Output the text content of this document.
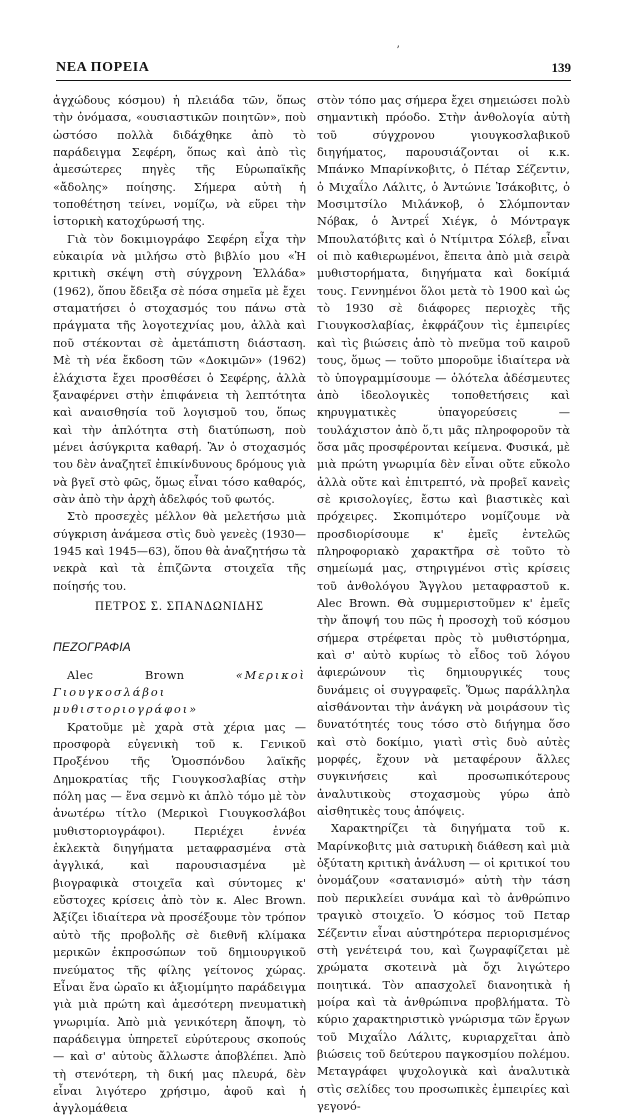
ʼ
ΝΕΑ ΠΟΡΕΙΑ	139

ἀγχώδους κόσμου) ἡ πλειάδα τῶν, ὅπως τὴν ὀνόμασα, «ουσιαστικῶν ποιητῶν», ποὺ ὡστόσο πολλὰ διδάχθηκε ἀπὸ τὸ παράδειγμα Σεφέρη, ὅπως καὶ ἀπὸ τὶς ἀμεσώτερες πηγὲς τῆς Εὐρωπαϊκῆς «ἄδολης» ποίησης. Σήμερα αὐτὴ ἡ τοποθέτηση τείνει, νομίζω, νὰ εὕρει τὴν ἱστορικὴ κατοχύρωσή της.

Γιὰ τὸν δοκιμιογράφο Σεφέρη εἶχα τὴν εὐκαιρία νὰ μιλήσω στὸ βιβλίο μου «Ἡ κριτικὴ σκέψη στὴ σύγχρονη Ἑλλάδα» (1962), ὅπου ἔδειξα σὲ πόσα σημεῖα μὲ ἔχει σταματήσει ὁ στοχασμός του πάνω στὰ πράγματα τῆς λογοτεχνίας μου, ἀλλὰ καὶ ποῦ στέκονται σὲ ἀμετάπιστη διάσταση. Μὲ τὴ νέα ἔκδοση τῶν «Δοκιμῶν» (1962) ἐλάχιστα ἔχει προσθέσει ὁ Σεφέρης, ἀλλὰ ξαναφέρνει στὴν ἐπιφάνεια τὴ λεπτότητα καὶ αναισθησία τοῦ λογισμοῦ του, ὅπως καὶ τὴν ἁπλότητα στὴ διατύπωση, ποὺ μένει ἀσύγκριτα καθαρή. Ἂν ὁ στοχασμός του δὲν ἀναζητεῖ ἐπικίνδυνους δρόμους γιὰ νὰ βγεῖ στὸ φῶς, ὅμως εἶναι τόσο καθαρός, σὰν ἀπὸ τὴν ἀρχὴ ἀδελφός τοῦ φωτός.

Στὸ προσεχὲς μέλλον θὰ μελετήσω μιὰ σύγκριση ἀνάμεσα στὶς δυὸ γενεὲς (1930—1945 καὶ 1945—63), ὅπου θὰ ἀναζητήσω τὰ νεκρὰ καὶ τὰ ἐπιζῶντα στοιχεῖα τῆς ποίησής του.

ΠΕΤΡΟΣ Σ. ΣΠΑΝΔΩΝΙΔΗΣ
ΠΕΖΟΓΡΑΦΙΑ

Alec Brown	«Μερικοὶ Γιουγκοσλάβοι μυθιστοριογράφοι»

Κρατοῦμε μὲ χαρὰ στὰ χέρια μας — προσφορὰ εὐγενικὴ τοῦ κ. Γενικοῦ Προξένου τῆς Ὁμοσπόνδου λαϊκῆς Δημοκρατίας τῆς Γιουγκοσλαβίας στὴν πόλη μας — ἕνα σεμνὸ κι ἁπλὸ τόμο μὲ τὸν ἀνωτέρω τίτλο (Μερικοὶ Γιουγκοσλάβοι μυθιστοριογράφοι). Περιέχει ἐννέα ἐκλεκτὰ διηγήματα μεταφρασμένα στὰ ἀγγλικά, καὶ παρουσιασμένα μὲ βιογραφικὰ στοιχεῖα καὶ σύντομες κ' εὔστοχες κρίσεις ἀπὸ τὸν κ. Alec Brown. Ἀξίζει ἰδιαίτερα νὰ προσέξουμε τὸν τρόπον αὐτὸ τῆς προβολῆς σὲ διεθνῆ κλίμακα μερικῶν ἐκπροσώπων τοῦ δημιουργικοῦ πνεύματος τῆς φίλης γείτονος χώρας. Εἶναι ἕνα ὡραῖο κι ἀξιομίμητο παράδειγμα γιὰ μιὰ πρώτη καὶ ἀμεσότερη πνευματικὴ γνωριμία. Ἀπὸ μιὰ γενικότερη ἄποψη, τὸ παράδειγμα ὑπηρετεῖ εὐρύτερους σκοπούς — καὶ σ' αὐτοὺς ἄλλωστε ἀποβλέπει. Ἀπὸ τὴ στενότερη, τὴ δική μας πλευρά, δὲν εἶναι λιγότερο χρήσιμο, ἀφοῦ καὶ ἡ ἀγγλομάθεια

στὸν τόπο μας σήμερα ἔχει σημειώσει πολὺ σημαντικὴ πρόοδο. Στὴν ἀνθολογία αὐτὴ τοῦ σύγχρονου γιουγκοσλαβικοῦ διηγήματος, παρουσιάζονται οἱ κ.κ. Μπάνκο Μπαρίνκοβιτς, ὁ Πέταρ Σέζεντιν, ὁ Μιχαΐλο Λάλιτς, ὁ Ἀντώνιε Ἰσάκοβιτς, ὁ Μοσιμτσίλο Μιλάνκοβ, ὁ Σλόμπονταν Νόβακ, ὁ Ἀντρεΐ Χιέγκ, ὁ Μόντραγκ Μπουλατόβιτς καὶ ὁ Ντίμιτρα Σόλεβ, εἶναι οἱ πιὸ καθιερωμένοι, ἔπειτα ἀπὸ μιὰ σειρὰ μυθιστορήματα, διηγήματα καὶ δοκίμιά τους. Γεννημένοι ὅλοι μετὰ τὸ 1900 καὶ ὡς τὸ 1930 σὲ διάφορες περιοχὲς τῆς Γιουγκοσλαβίας, ἐκφράζουν τὶς ἐμπειρίες καὶ τὶς βιώσεις ἀπὸ τὸ πνεῦμα τοῦ καιροῦ τους, ὅμως — τοῦτο μποροῦμε ἰδιαίτερα νὰ τὸ ὑπογραμμίσουμε — ὁλότελα ἀδέσμευτες ἀπὸ ἰδεολογικὲς τοποθετήσεις καὶ κηρυγματικὲς ὑπαγορεύσεις — τουλάχιστον ἀπὸ ὅ,τι μᾶς πληροφοροῦν τὰ ὅσα μᾶς προσφέρονται κείμενα. Φυσικά, μὲ μιὰ πρώτη γνωριμία δὲν εἶναι οὔτε εὔκολο ἀλλὰ οὔτε καὶ ἐπιτρεπτό, νὰ προβεῖ κανεὶς σὲ κρισολογίες, ἔστω καὶ βιαστικὲς καὶ πρόχειρες. Σκοπιμότερο νομίζουμε νὰ προσδιορίσουμε κ' ἐμεῖς ἐντελῶς πληροφοριακὸ χαρακτῆρα σὲ τοῦτο τὸ σημείωμά μας, στηριγμένοι στὶς κρίσεις τοῦ ἀνθολόγου Ἄγγλου μεταφραστοῦ κ. Alec Brown. Θὰ συμμεριστοῦμεν κ' ἐμεῖς τὴν ἄποψή του πῶς ἡ προσοχὴ τοῦ κόσμου σήμερα στρέφεται πρὸς τὸ μυθιστόρημα, καὶ σ' αὐτὸ κυρίως τὸ εἶδος τοῦ λόγου ἀφιερώνουν τὶς δημιουργικές τους δυνάμεις οἱ συγγραφεῖς. Ὅμως παράλληλα αἰσθάνονται τὴν ἀνάγκη νὰ μοιράσουν τὶς δυνατότητές τους τόσο στὸ διήγημα ὅσο καὶ στὸ δοκίμιο, γιατὶ στὶς δυὸ αὐτὲς μορφές, ἔχουν νὰ μεταφέρουν ἄλλες συγκινήσεις καὶ προσωπικότερους ἀναλυτικοὺς στοχασμοὺς γύρω ἀπὸ αἰσθητικὲς τους ἀπόψεις.

Χαρακτηρίζει τὰ διηγήματα τοῦ κ. Μαρίνκοβιτς μιὰ σατυρικὴ διάθεση καὶ μιὰ ὀξύτατη κριτικὴ ἀνάλυση — οἱ κριτικοί του ὀνομάζουν «σατανισμό» αὐτὴ τὴν τάση ποὺ περικλείει συνάμα καὶ τὸ ἀνθρώπινο τραγικὸ στοιχεῖο. Ὁ κόσμος τοῦ Πεταρ Σέζεντιν εἶναι αὐστηρότερα περιορισμένος στὴ γενέτειρά του, καὶ ζωγραφίζεται μὲ χρώματα σκοτεινὰ μὰ ὄχι λιγώτερο ποιητικά. Τὸν απασχολεῖ διανοητικὰ ἡ μοίρα καὶ τὰ ἀνθρώπινα προβλήματα. Τὸ κύριο χαρακτηριστικὸ γνώρισμα τῶν ἔργων τοῦ Μιχαΐλο Λάλιτς, κυριαρχεῖται ἀπὸ βιώσεις τοῦ δεύτερου παγκοσμίου πολέμου. Μεταγράφει ψυχολογικὰ καὶ ἀναλυτικὰ στὶς σελίδες του προσωπικὲς ἐμπειρίες καὶ γεγονό-
